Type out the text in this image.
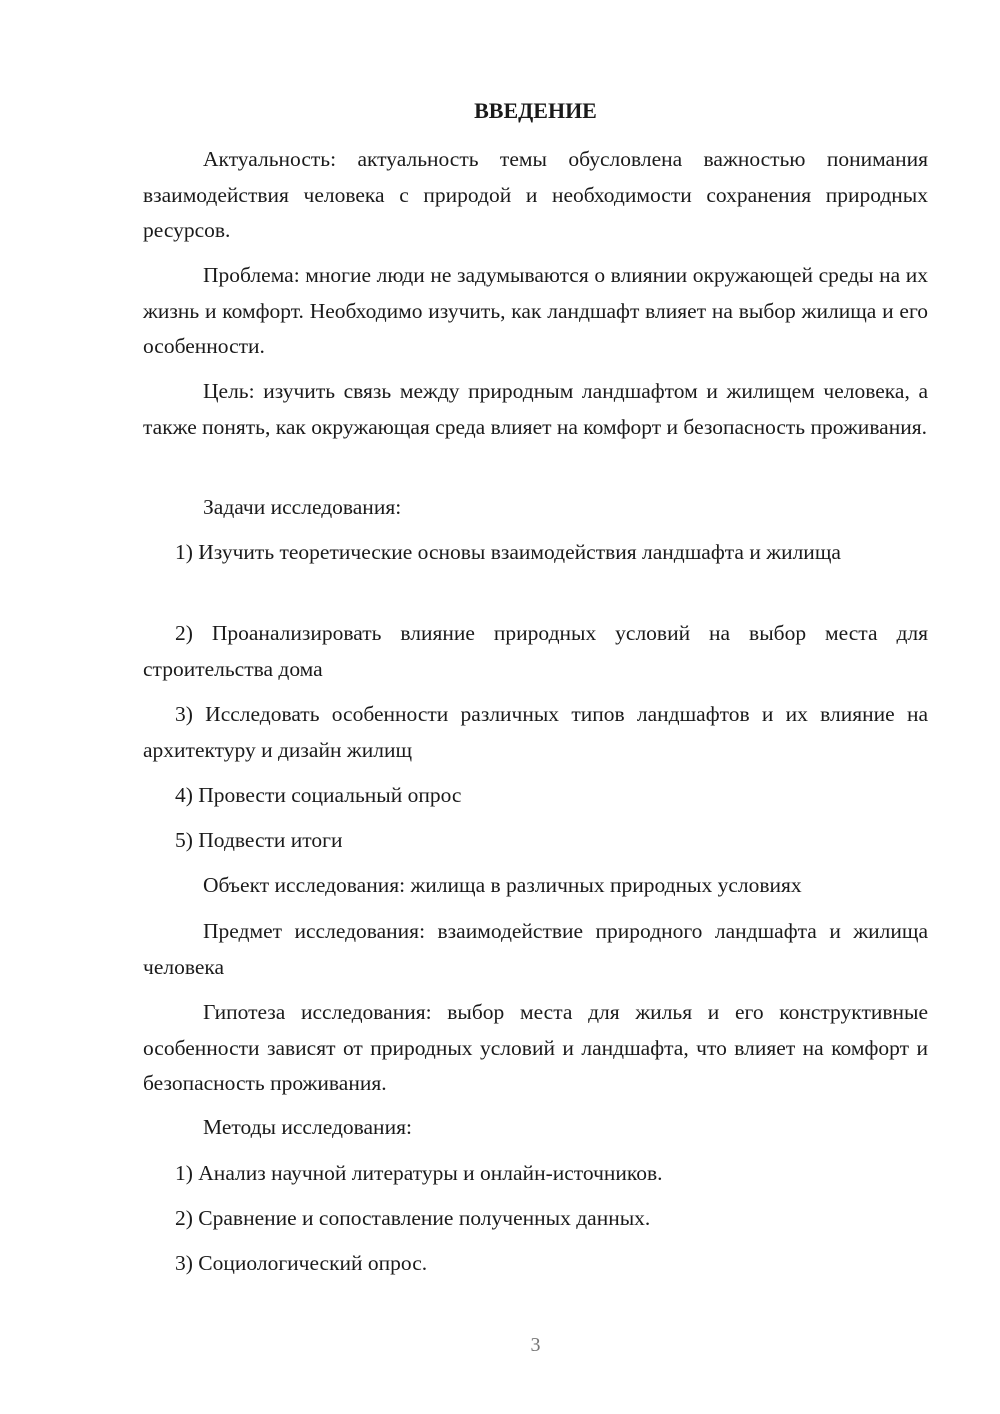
ВВЕДЕНИЕ

Актуальность: актуальность темы обусловлена важностью понимания взаимодействия человека с природой и необходимости сохранения природных ресурсов.

Проблема: многие люди не задумываются о влиянии окружающей среды на их жизнь и комфорт. Необходимо изучить, как ландшафт влияет на выбор жилища и его особенности.

Цель: изучить связь между природным ландшафтом и жилищем человека, а также понять, как окружающая среда влияет на комфорт и безопасность проживания.

Задачи исследования:

1) Изучить теоретические основы взаимодействия ландшафта и жилища

2) Проанализировать влияние природных условий на выбор места для строительства дома

3) Исследовать особенности различных типов ландшафтов и их влияние на архитектуру и дизайн жилищ

4) Провести социальный опрос

5) Подвести итоги

Объект исследования: жилища в различных природных условиях

Предмет исследования: взаимодействие природного ландшафта и жилища человека

Гипотеза исследования: выбор места для жилья и его конструктивные особенности зависят от природных условий и ландшафта, что влияет на комфорт и безопасность проживания.

Методы исследования:

1) Анализ научной литературы и онлайн-источников.

2) Сравнение и сопоставление полученных данных.

3) Социологический опрос.

3
